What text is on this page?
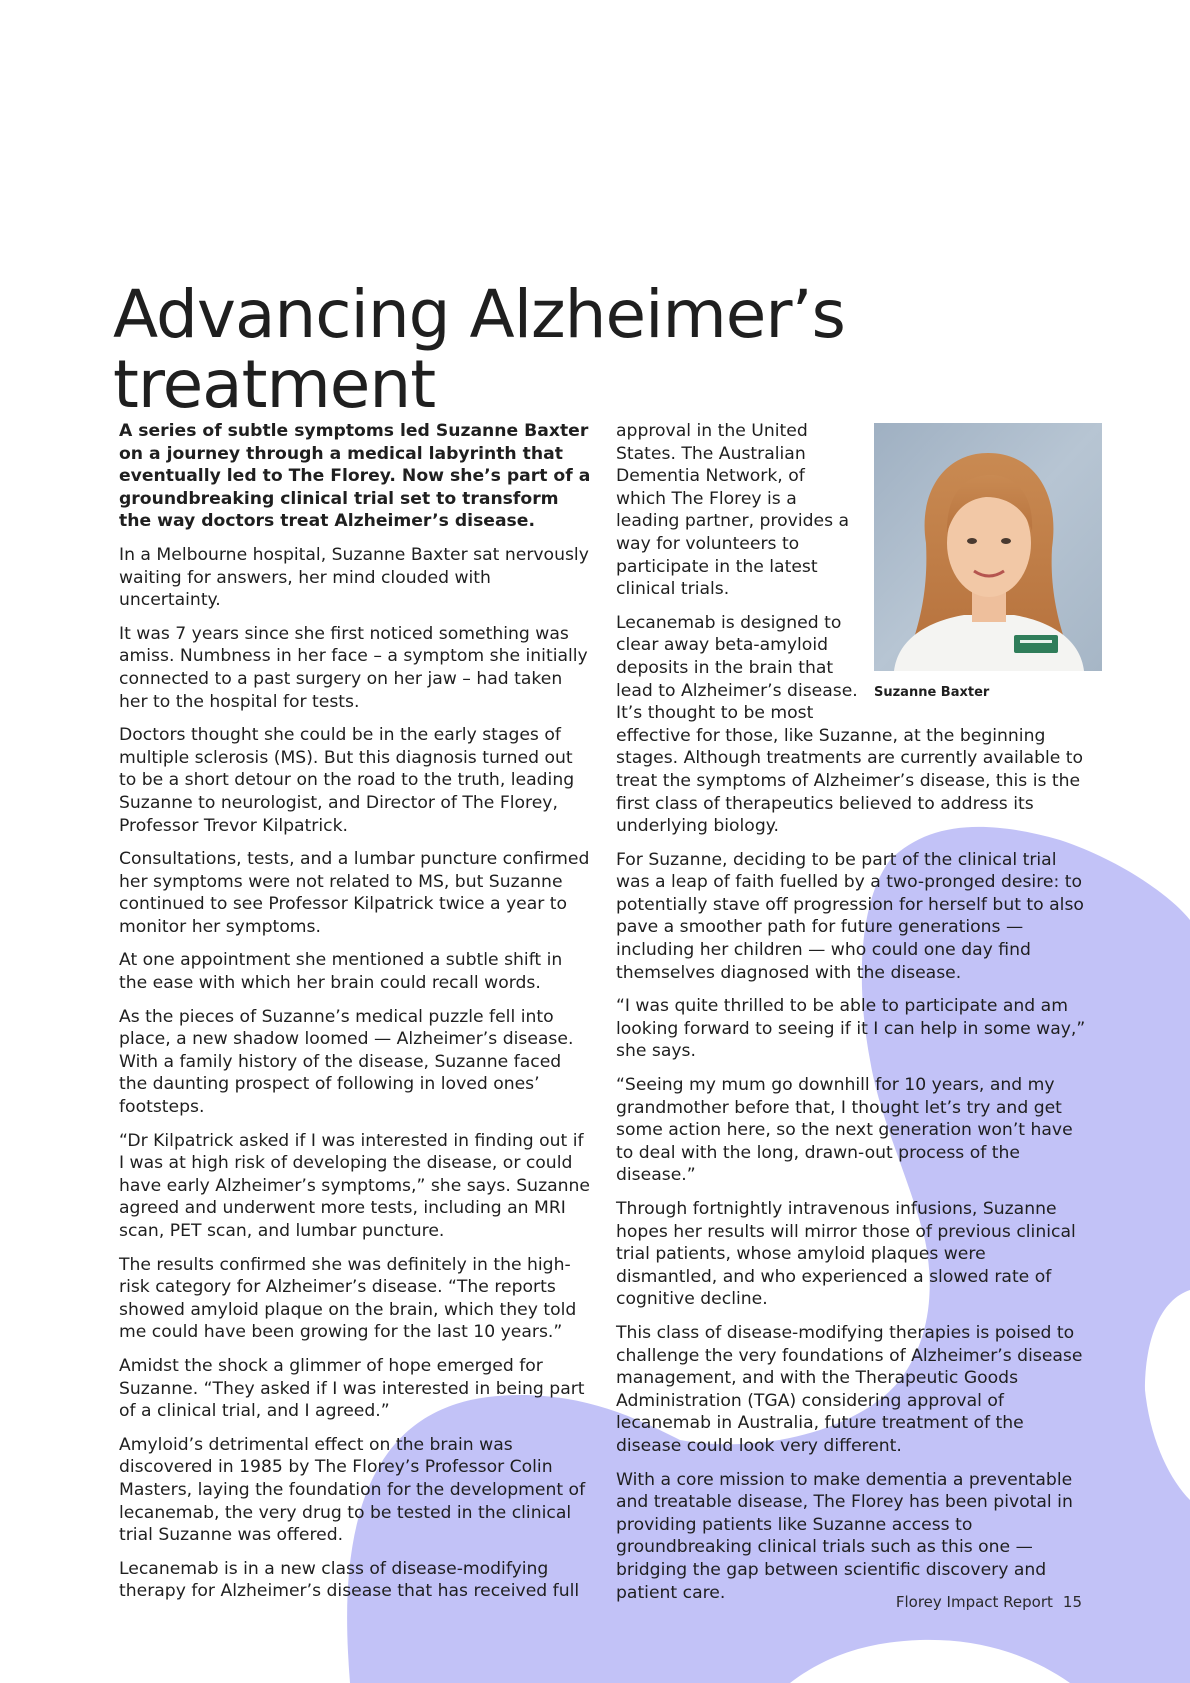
Advancing Alzheimer’s
treatment

A series of subtle symptoms led Suzanne Baxter on a journey through a medical labyrinth that eventually led to The Florey. Now she’s part of a groundbreaking clinical trial set to transform the way doctors treat Alzheimer’s disease.

In a Melbourne hospital, Suzanne Baxter sat nervously waiting for answers, her mind clouded with uncertainty.

It was 7 years since she first noticed something was amiss. Numbness in her face – a symptom she initially connected to a past surgery on her jaw – had taken her to the hospital for tests.

Doctors thought she could be in the early stages of multiple sclerosis (MS). But this diagnosis turned out to be a short detour on the road to the truth, leading Suzanne to neurologist, and Director of The Florey, Professor Trevor Kilpatrick.

Consultations, tests, and a lumbar puncture confirmed her symptoms were not related to MS, but Suzanne continued to see Professor Kilpatrick twice a year to monitor her symptoms.

At one appointment she mentioned a subtle shift in the ease with which her brain could recall words.

As the pieces of Suzanne’s medical puzzle fell into place, a new shadow loomed — Alzheimer’s disease. With a family history of the disease, Suzanne faced the daunting prospect of following in loved ones’ footsteps.

“Dr Kilpatrick asked if I was interested in finding out if I was at high risk of developing the disease, or could have early Alzheimer’s symptoms,” she says. Suzanne agreed and underwent more tests, including an MRI scan, PET scan, and lumbar puncture.

The results confirmed she was definitely in the high-risk category for Alzheimer’s disease. “The reports showed amyloid plaque on the brain, which they told me could have been growing for the last 10 years.”

Amidst the shock a glimmer of hope emerged for Suzanne. “They asked if I was interested in being part of a clinical trial, and I agreed.”

Amyloid’s detrimental effect on the brain was discovered in 1985 by The Florey’s Professor Colin Masters, laying the foundation for the development of lecanemab, the very drug to be tested in the clinical trial Suzanne was offered.

Lecanemab is in a new class of disease-modifying therapy for Alzheimer’s disease that has received full

Suzanne Baxter

approval in the United States. The Australian Dementia Network, of which The Florey is a leading partner, provides a way for volunteers to participate in the latest clinical trials.

Lecanemab is designed to clear away beta-amyloid deposits in the brain that lead to Alzheimer’s disease. It’s thought to be most effective for those, like Suzanne, at the beginning stages. Although treatments are currently available to treat the symptoms of Alzheimer’s disease, this is the first class of therapeutics believed to address its underlying biology.

For Suzanne, deciding to be part of the clinical trial was a leap of faith fuelled by a two-pronged desire: to potentially stave off progression for herself but to also pave a smoother path for future generations — including her children — who could one day find themselves diagnosed with the disease.

“I was quite thrilled to be able to participate and am looking forward to seeing if it I can help in some way,” she says.

“Seeing my mum go downhill for 10 years, and my grandmother before that, I thought let’s try and get some action here, so the next generation won’t have to deal with the long, drawn-out process of the disease.”

Through fortnightly intravenous infusions, Suzanne hopes her results will mirror those of previous clinical trial patients, whose amyloid plaques were dismantled, and who experienced a slowed rate of cognitive decline.

This class of disease-modifying therapies is poised to challenge the very foundations of Alzheimer’s disease management, and with the Therapeutic Goods Administration (TGA) considering approval of lecanemab in Australia, future treatment of the disease could look very different.

With a core mission to make dementia a preventable and treatable disease, The Florey has been pivotal in providing patients like Suzanne access to groundbreaking clinical trials such as this one — bridging the gap between scientific discovery and patient care.	Florey Impact Report 15
